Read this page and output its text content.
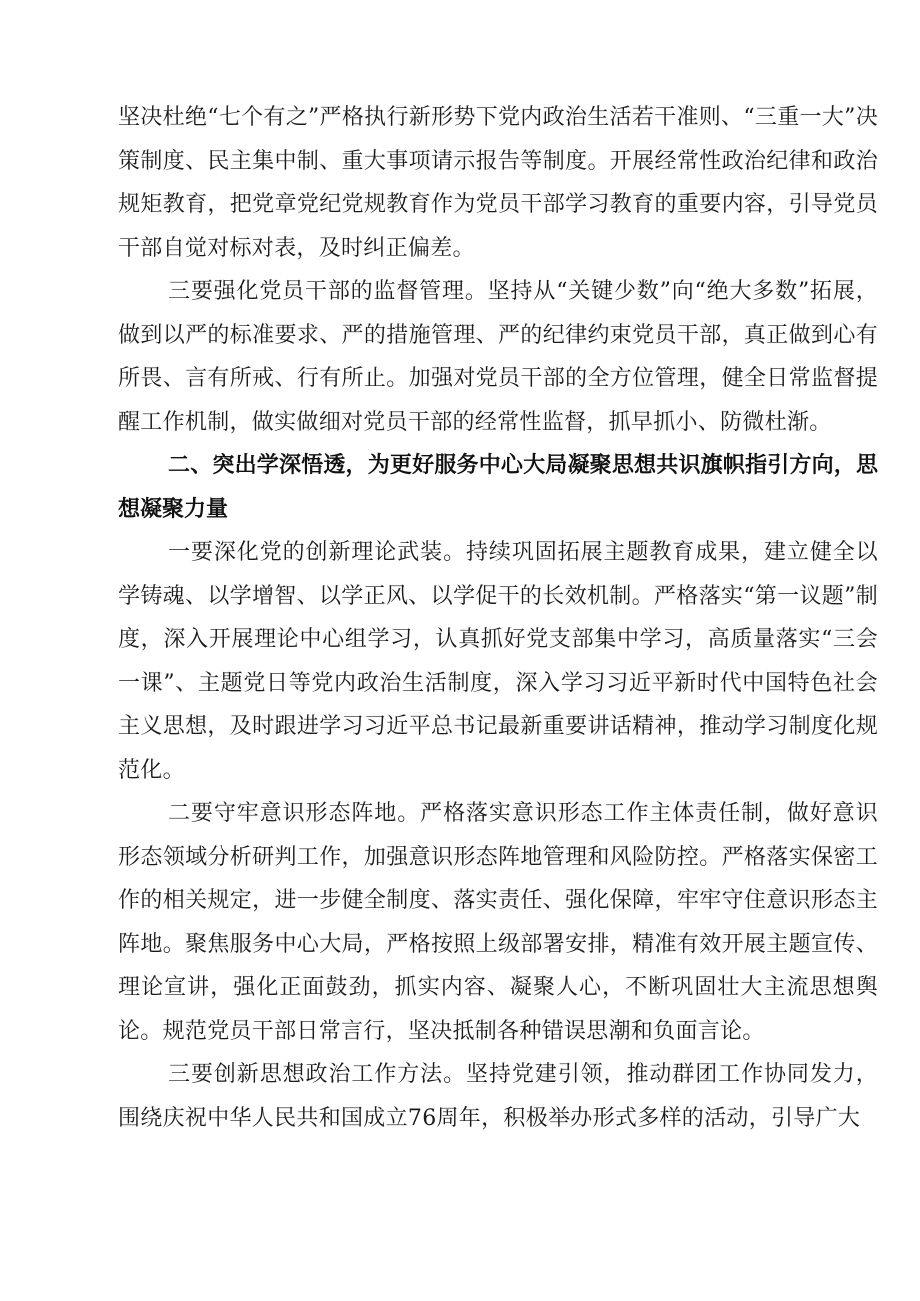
坚决杜绝“七个有之”严格执行新形势下党内政治生活若干准则、“三重一大”决策制度、民主集中制、重大事项请示报告等制度。开展经常性政治纪律和政治规矩教育，把党章党纪党规教育作为党员干部学习教育的重要内容，引导党员干部自觉对标对表，及时纠正偏差。

三要强化党员干部的监督管理。坚持从“关键少数”向“绝大多数”拓展，做到以严的标准要求、严的措施管理、严的纪律约束党员干部，真正做到心有所畏、言有所戒、行有所止。加强对党员干部的全方位管理，健全日常监督提醒工作机制，做实做细对党员干部的经常性监督，抓早抓小、防微杜渐。

二、突出学深悟透，为更好服务中心大局凝聚思想共识旗帜指引方向，思想凝聚力量

一要深化党的创新理论武装。持续巩固拓展主题教育成果，建立健全以学铸魂、以学增智、以学正风、以学促干的长效机制。严格落实“第一议题”制度，深入开展理论中心组学习，认真抓好党支部集中学习，高质量落实“三会一课”、主题党日等党内政治生活制度，深入学习习近平新时代中国特色社会主义思想，及时跟进学习习近平总书记最新重要讲话精神，推动学习制度化规范化。

二要守牢意识形态阵地。严格落实意识形态工作主体责任制，做好意识形态领域分析研判工作，加强意识形态阵地管理和风险防控。严格落实保密工作的相关规定，进一步健全制度、落实责任、强化保障，牢牢守住意识形态主阵地。聚焦服务中心大局，严格按照上级部署安排，精准有效开展主题宣传、理论宣讲，强化正面鼓劲，抓实内容、凝聚人心，不断巩固壮大主流思想舆论。规范党员干部日常言行，坚决抵制各种错误思潮和负面言论。

三要创新思想政治工作方法。坚持党建引领，推动群团工作协同发力，围绕庆祝中华人民共和国成立76周年，积极举办形式多样的活动，引导广大
